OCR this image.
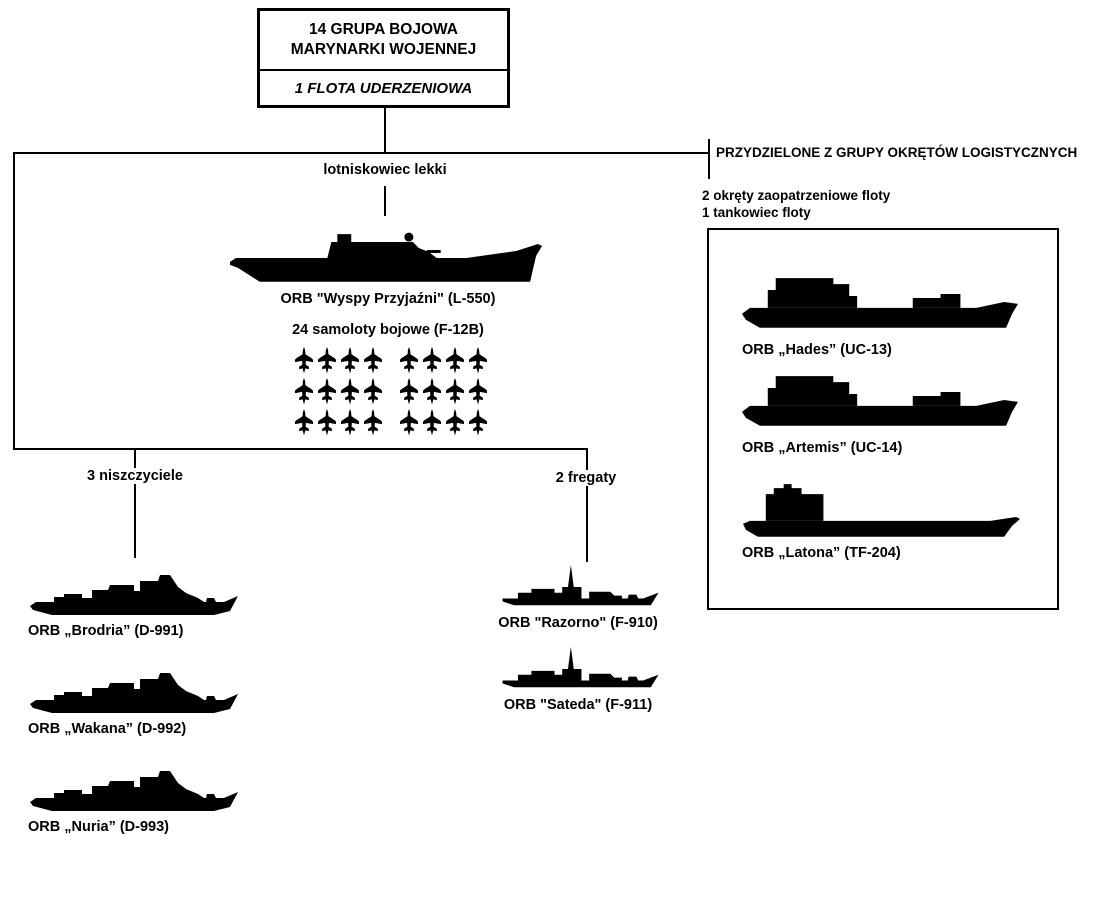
14 GRUPA BOJOWA
MARYNARKI WOJENNEJ
1 FLOTA UDERZENIOWA
lotniskowiec lekki
ORB "Wyspy Przyjaźni" (L-550)
24 samoloty bojowe (F-12B)
3 niszczyciele
ORB „Brodria” (D-991)
ORB „Wakana” (D-992)
ORB „Nuria” (D-993)
2 fregaty
ORB "Razorno" (F-910)
ORB "Sateda" (F-911)
PRZYDZIELONE Z GRUPY OKRĘTÓW LOGISTYCZNYCH
2 okręty zaopatrzeniowe floty
1 tankowiec floty
ORB „Hades” (UC-13)
ORB „Artemis” (UC-14)
ORB „Latona” (TF-204)
